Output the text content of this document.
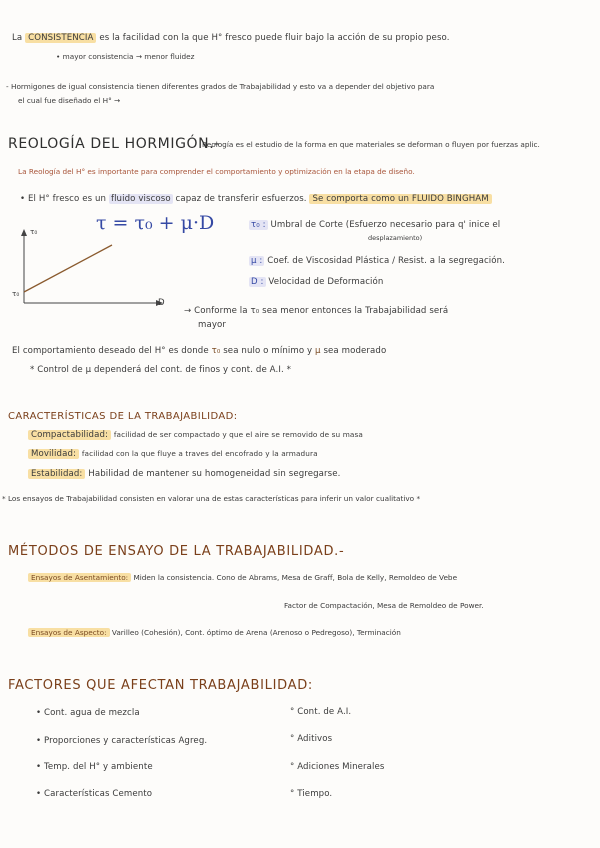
La CONSISTENCIA es la facilidad con la que H° fresco puede fluir bajo la acción de su propio peso.
• mayor consistencia → menor fluidez
- Hormigones de igual consistencia tienen diferentes grados de Trabajabilidad y esto va a depender del objetivo para
el cual fue diseñado el H° →
REOLOGÍA DEL HORMIGÓN.-
Reología es el estudio de la forma en que materiales se deforman o fluyen por fuerzas aplic.
La Reología del H° es importante para comprender el comportamiento y optimización en la etapa de diseño.
• El H° fresco es un fluido viscoso capaz de transferir esfuerzos. Se comporta como un FLUIDO BINGHAM
τ = τ₀ + μ·D
τ₀
τ₀
D
τ₀ : Umbral de Corte (Esfuerzo necesario para q' inice el
desplazamiento)
μ : Coef. de Viscosidad Plástica / Resist. a la segregación.
D : Velocidad de Deformación
→ Conforme la τ₀ sea menor entonces la Trabajabilidad será
mayor
El comportamiento deseado del H° es donde τ₀ sea nulo o mínimo y μ sea moderado
* Control de μ dependerá del cont. de finos y cont. de A.I. *
CARACTERÍSTICAS DE LA TRABAJABILIDAD:
Compactabilidad: facilidad de ser compactado y que el aire se removido de su masa
Movilidad: facilidad con la que fluye a traves del encofrado y la armadura
Estabilidad: Habilidad de mantener su homogeneidad sin segregarse.
* Los ensayos de Trabajabilidad consisten en valorar una de estas características para inferir un valor cualitativo *
MÉTODOS DE ENSAYO DE LA TRABAJABILIDAD.-
Ensayos de Asentamiento: Miden la consistencia. Cono de Abrams, Mesa de Graff, Bola de Kelly, Remoldeo de Vebe
Factor de Compactación, Mesa de Remoldeo de Power.
Ensayos de Aspecto: Varilleo (Cohesión), Cont. óptimo de Arena (Arenoso o Pedregoso), Terminación
FACTORES QUE AFECTAN TRABAJABILIDAD:
• Cont. agua de mezcla
• Proporciones y características Agreg.
• Temp. del H° y ambiente
• Características Cemento
° Cont. de A.I.
° Aditivos
° Adiciones Minerales
° Tiempo.
